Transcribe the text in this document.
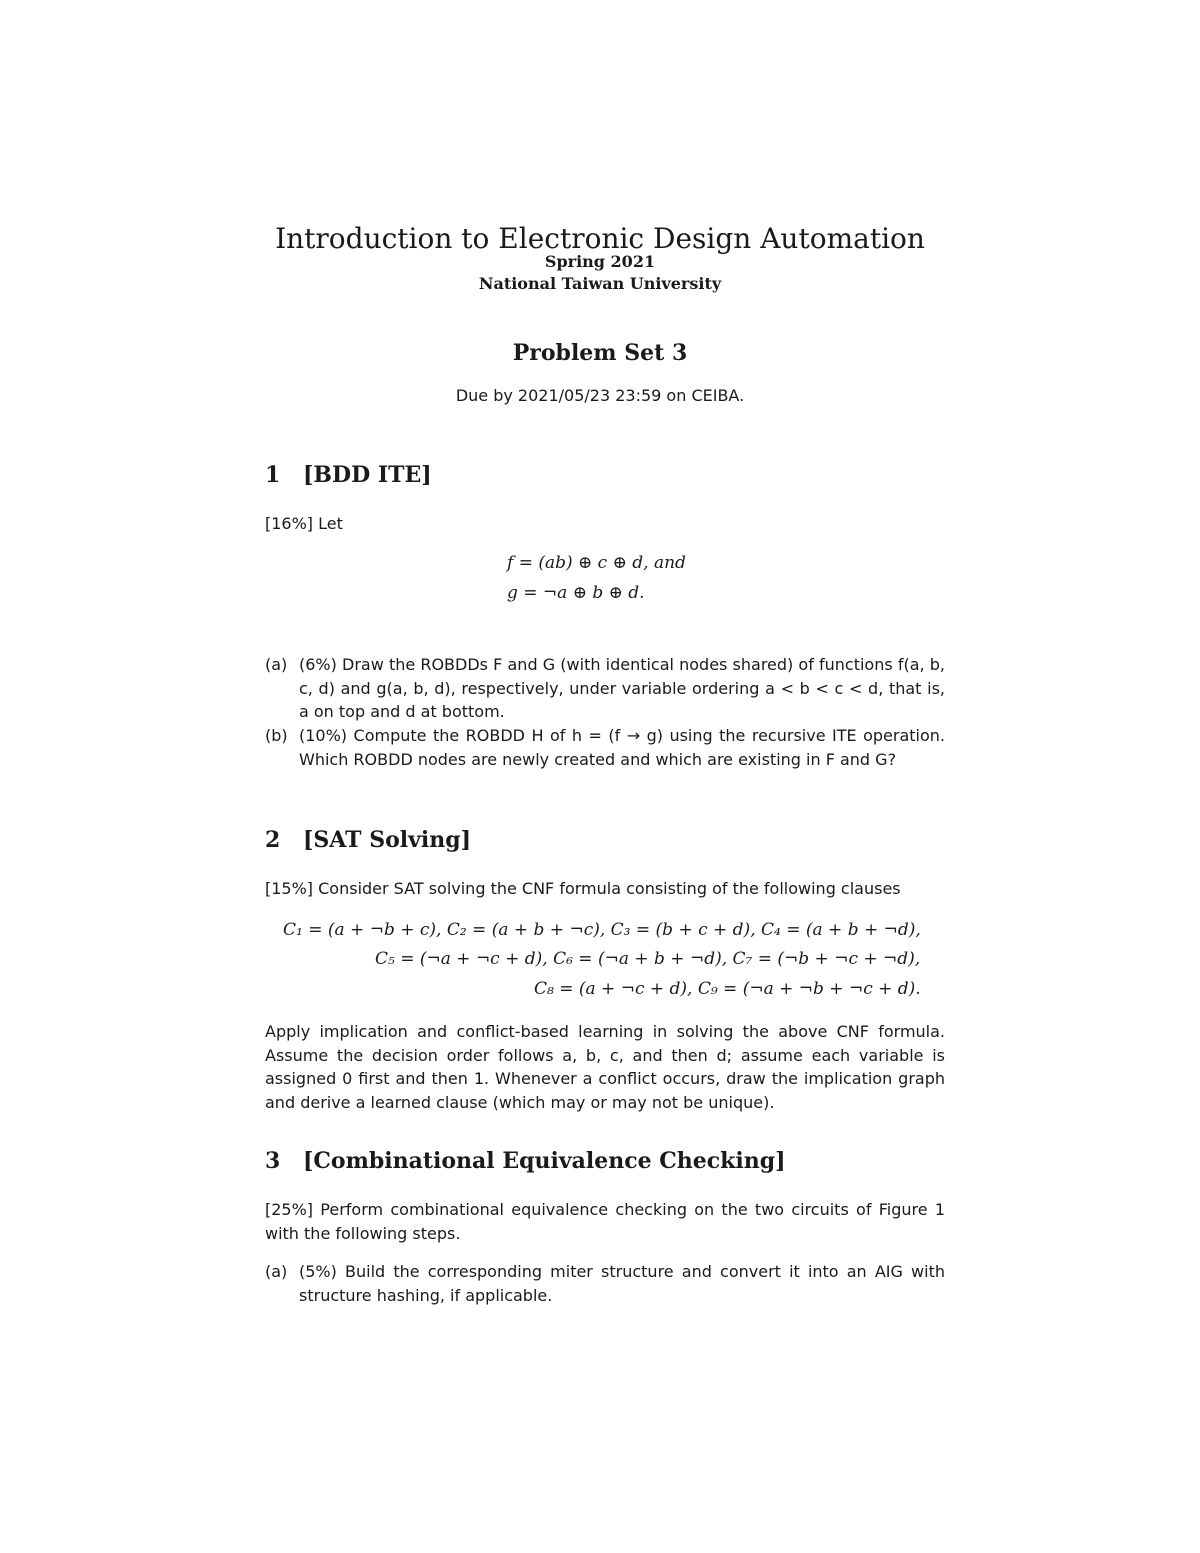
Introduction to Electronic Design Automation
Spring 2021
National Taiwan University
Problem Set 3
Due by 2021/05/23 23:59 on CEIBA.
1 [BDD ITE]
[16%] Let
f = (ab) ⊕ c ⊕ d, and
g = ¬a ⊕ b ⊕ d.
(a) (6%) Draw the ROBDDs F and G (with identical nodes shared) of functions f(a, b, c, d) and g(a, b, d), respectively, under variable ordering a < b < c < d, that is, a on top and d at bottom.
(b) (10%) Compute the ROBDD H of h = (f → g) using the recursive ITE operation. Which ROBDD nodes are newly created and which are existing in F and G?
2 [SAT Solving]
[15%] Consider SAT solving the CNF formula consisting of the following clauses
C₁ = (a + ¬b + c), C₂ = (a + b + ¬c), C₃ = (b + c + d), C₄ = (a + b + ¬d),
C₅ = (¬a + ¬c + d), C₆ = (¬a + b + ¬d), C₇ = (¬b + ¬c + ¬d),
C₈ = (a + ¬c + d), C₉ = (¬a + ¬b + ¬c + d).
Apply implication and conflict-based learning in solving the above CNF formula. Assume the decision order follows a, b, c, and then d; assume each variable is assigned 0 first and then 1. Whenever a conflict occurs, draw the implication graph and derive a learned clause (which may or may not be unique).
3 [Combinational Equivalence Checking]
[25%] Perform combinational equivalence checking on the two circuits of Figure 1 with the following steps.
(a) (5%) Build the corresponding miter structure and convert it into an AIG with structure hashing, if applicable.
